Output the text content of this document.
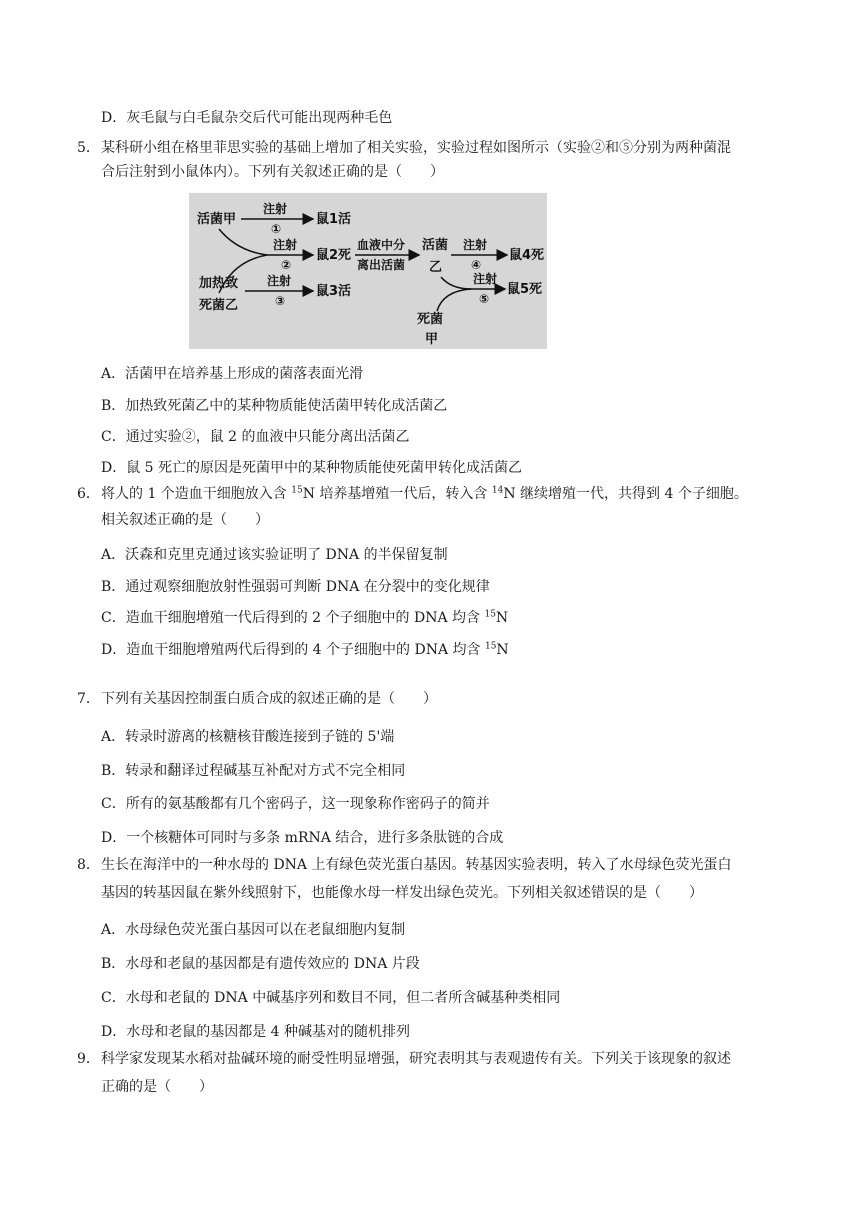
D．灰毛鼠与白毛鼠杂交后代可能出现两种毛色
5． 某科研小组在格里菲思实验的基础上增加了相关实验，实验过程如图所示（实验②和⑤分别为两种菌混
合后注射到小鼠体内）。下列有关叙述正确的是（　　）
活菌甲
注射
①
鼠1活
注射
②
鼠2死
血液中分
离出活菌
活菌
乙
注射
④
鼠4死
注射
⑤
鼠5死
死菌
甲
加热致
死菌乙
注射
③
鼠3活
A．活菌甲在培养基上形成的菌落表面光滑
B．加热致死菌乙中的某种物质能使活菌甲转化成活菌乙
C．通过实验②，鼠 2 的血液中只能分离出活菌乙
D．鼠 5 死亡的原因是死菌甲中的某种物质能使死菌甲转化成活菌乙
6． 将人的 1 个造血干细胞放入含 $^{15}$N 培养基增殖一代后，转入含 $^{14}$N 继续增殖一代，共得到 4 个子细胞。
相关叙述正确的是（　　）
A．沃森和克里克通过该实验证明了 DNA 的半保留复制
B．通过观察细胞放射性强弱可判断 DNA 在分裂中的变化规律
C．造血干细胞增殖一代后得到的 2 个子细胞中的 DNA 均含 $^{15}$N
D．造血干细胞增殖两代后得到的 4 个子细胞中的 DNA 均含 $^{15}$N
7． 下列有关基因控制蛋白质合成的叙述正确的是（　　）
A．转录时游离的核糖核苷酸连接到子链的 5'端
B．转录和翻译过程碱基互补配对方式不完全相同
C．所有的氨基酸都有几个密码子，这一现象称作密码子的简并
D．一个核糖体可同时与多条 mRNA 结合，进行多条肽链的合成
8． 生长在海洋中的一种水母的 DNA 上有绿色荧光蛋白基因。转基因实验表明，转入了水母绿色荧光蛋白
基因的转基因鼠在紫外线照射下，也能像水母一样发出绿色荧光。下列相关叙述错误的是（　　）
A．水母绿色荧光蛋白基因可以在老鼠细胞内复制
B．水母和老鼠的基因都是有遗传效应的 DNA 片段
C．水母和老鼠的 DNA 中碱基序列和数目不同，但二者所含碱基种类相同
D．水母和老鼠的基因都是 4 种碱基对的随机排列
9． 科学家发现某水稻对盐碱环境的耐受性明显增强，研究表明其与表观遗传有关。下列关于该现象的叙述
正确的是（　　）
